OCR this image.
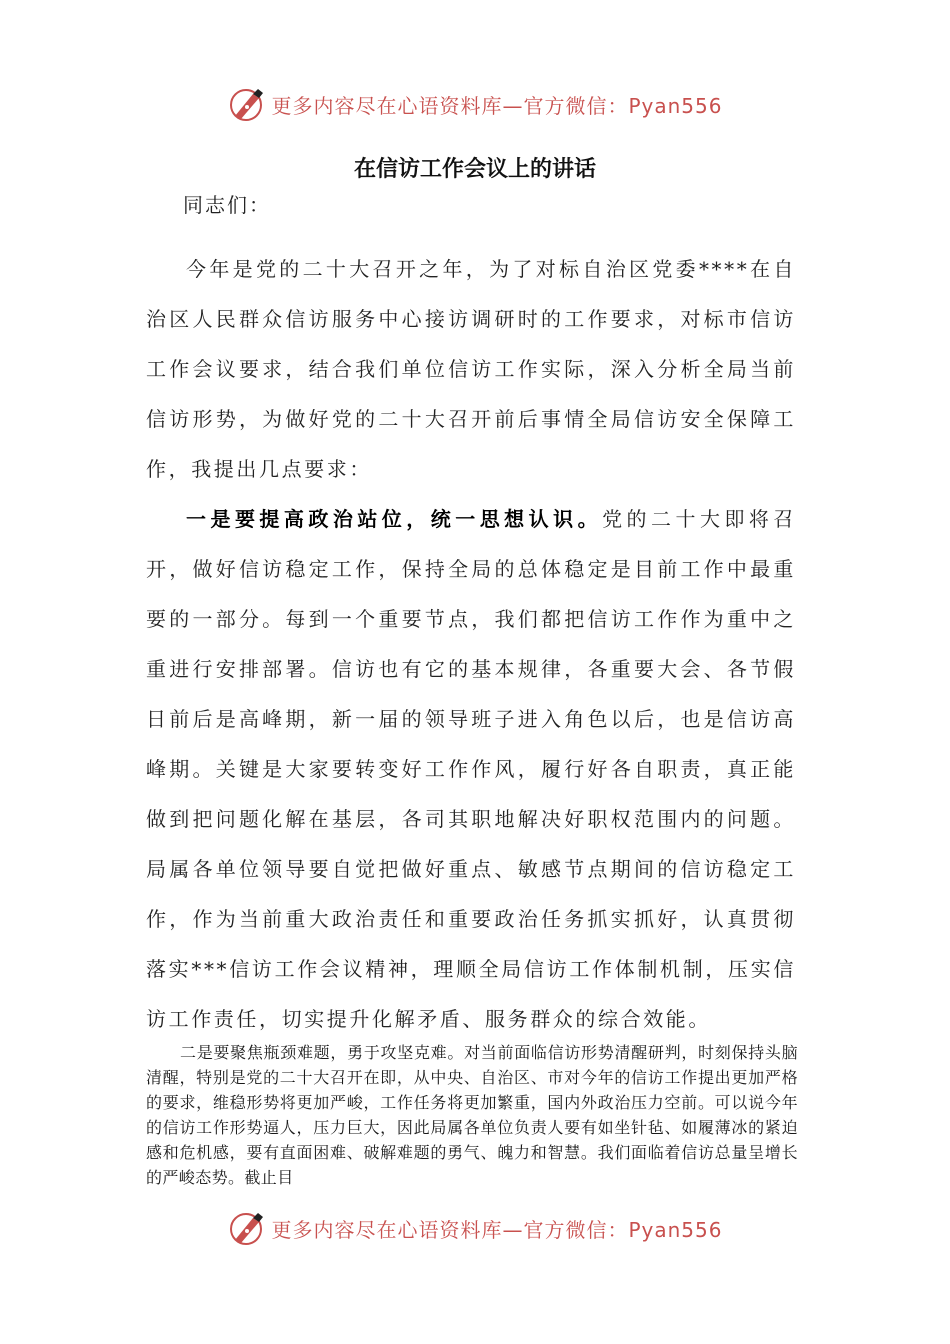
更多内容尽在心语资料库—官方微信：Pyan556
在信访工作会议上的讲话

同志们：

今年是党的二十大召开之年，为了对标自治区党委****在自治区人民群众信访服务中心接访调研时的工作要求，对标市信访工作会议要求，结合我们单位信访工作实际，深入分析全局当前信访形势，为做好党的二十大召开前后事情全局信访安全保障工作，我提出几点要求：

一是要提高政治站位，统一思想认识。党的二十大即将召开，做好信访稳定工作，保持全局的总体稳定是目前工作中最重要的一部分。每到一个重要节点，我们都把信访工作作为重中之重进行安排部署。信访也有它的基本规律，各重要大会、各节假日前后是高峰期，新一届的领导班子进入角色以后，也是信访高峰期。关键是大家要转变好工作作风，履行好各自职责，真正能做到把问题化解在基层，各司其职地解决好职权范围内的问题。局属各单位领导要自觉把做好重点、敏感节点期间的信访稳定工作，作为当前重大政治责任和重要政治任务抓实抓好，认真贯彻落实***信访工作会议精神，理顺全局信访工作体制机制，压实信访工作责任，切实提升化解矛盾、服务群众的综合效能。

二是要聚焦瓶颈难题，勇于攻坚克难。对当前面临信访形势清醒研判，时刻保持头脑清醒，特别是党的二十大召开在即，从中央、自治区、市对今年的信访工作提出更加严格的要求，维稳形势将更加严峻，工作任务将更加繁重，国内外政治压力空前。可以说今年的信访工作形势逼人，压力巨大，因此局属各单位负责人要有如坐针毡、如履薄冰的紧迫感和危机感，要有直面困难、破解难题的勇气、魄力和智慧。我们面临着信访总量呈增长的严峻态势。截止目

更多内容尽在心语资料库—官方微信：Pyan556
